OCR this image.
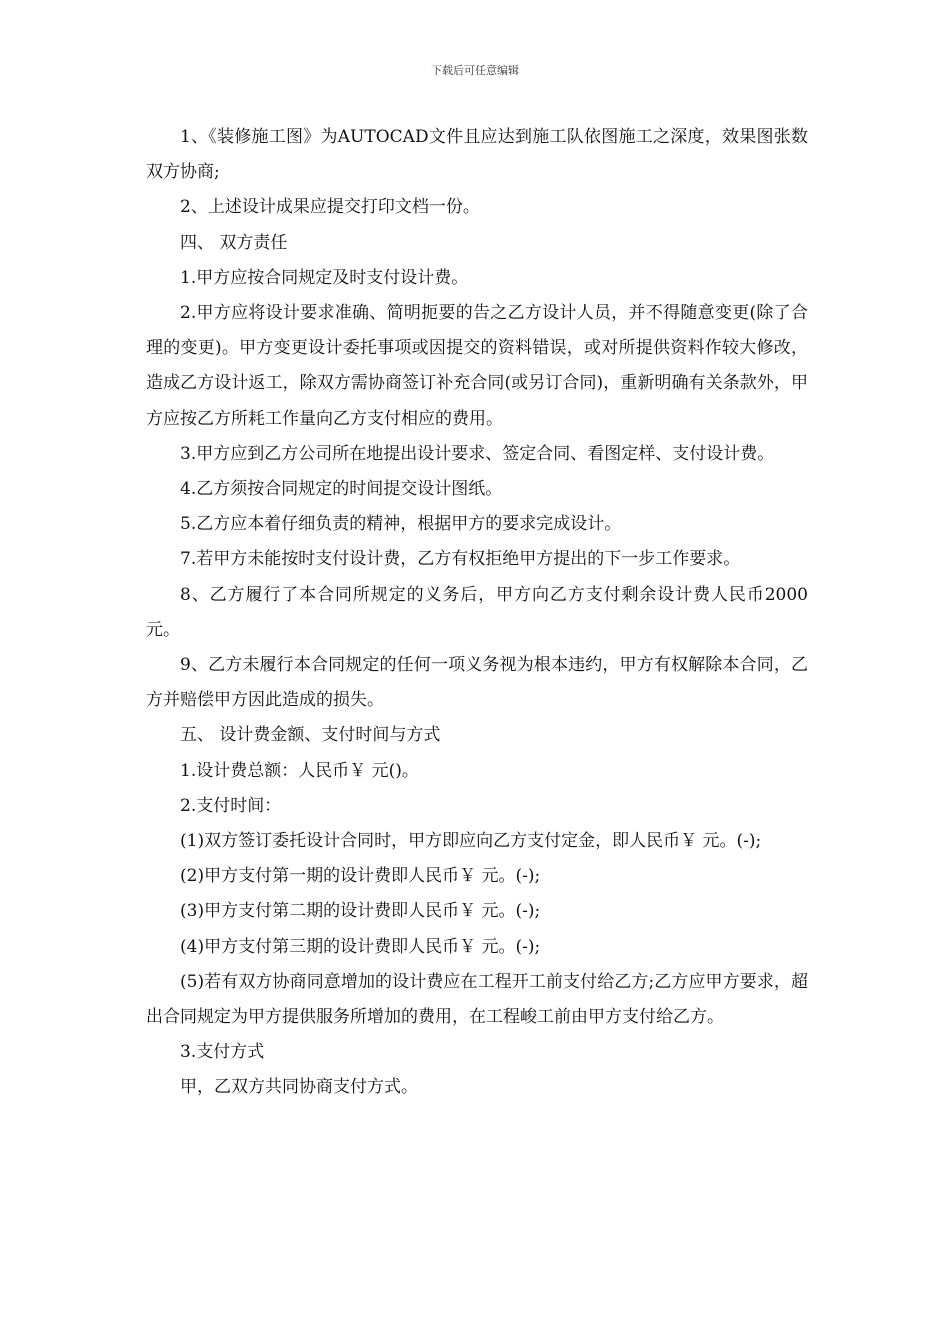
下载后可任意编辑

1、《装修施工图》为AUTOCAD文件且应达到施工队依图施工之深度，效果图张数双方协商;

2、上述设计成果应提交打印文档一份。

四、 双方责任

1.甲方应按合同规定及时支付设计费。

2.甲方应将设计要求准确、简明扼要的告之乙方设计人员，并不得随意变更(除了合理的变更)。甲方变更设计委托事项或因提交的资料错误，或对所提供资料作较大修改，造成乙方设计返工，除双方需协商签订补充合同(或另订合同)，重新明确有关条款外，甲方应按乙方所耗工作量向乙方支付相应的费用。

3.甲方应到乙方公司所在地提出设计要求、签定合同、看图定样、支付设计费。

4.乙方须按合同规定的时间提交设计图纸。

5.乙方应本着仔细负责的精神，根据甲方的要求完成设计。

7.若甲方未能按时支付设计费，乙方有权拒绝甲方提出的下一步工作要求。

8、乙方履行了本合同所规定的义务后，甲方向乙方支付剩余设计费人民币2000元。

9、乙方未履行本合同规定的任何一项义务视为根本违约，甲方有权解除本合同，乙方并赔偿甲方因此造成的损失。

五、 设计费金额、支付时间与方式

1.设计费总额：人民币￥ 元()。

2.支付时间：

(1)双方签订委托设计合同时，甲方即应向乙方支付定金，即人民币￥ 元。(-);

(2)甲方支付第一期的设计费即人民币￥ 元。(-);

(3)甲方支付第二期的设计费即人民币￥ 元。(-);

(4)甲方支付第三期的设计费即人民币￥ 元。(-);

(5)若有双方协商同意增加的设计费应在工程开工前支付给乙方;乙方应甲方要求，超出合同规定为甲方提供服务所增加的费用，在工程峻工前由甲方支付给乙方。

3.支付方式

甲，乙双方共同协商支付方式。
